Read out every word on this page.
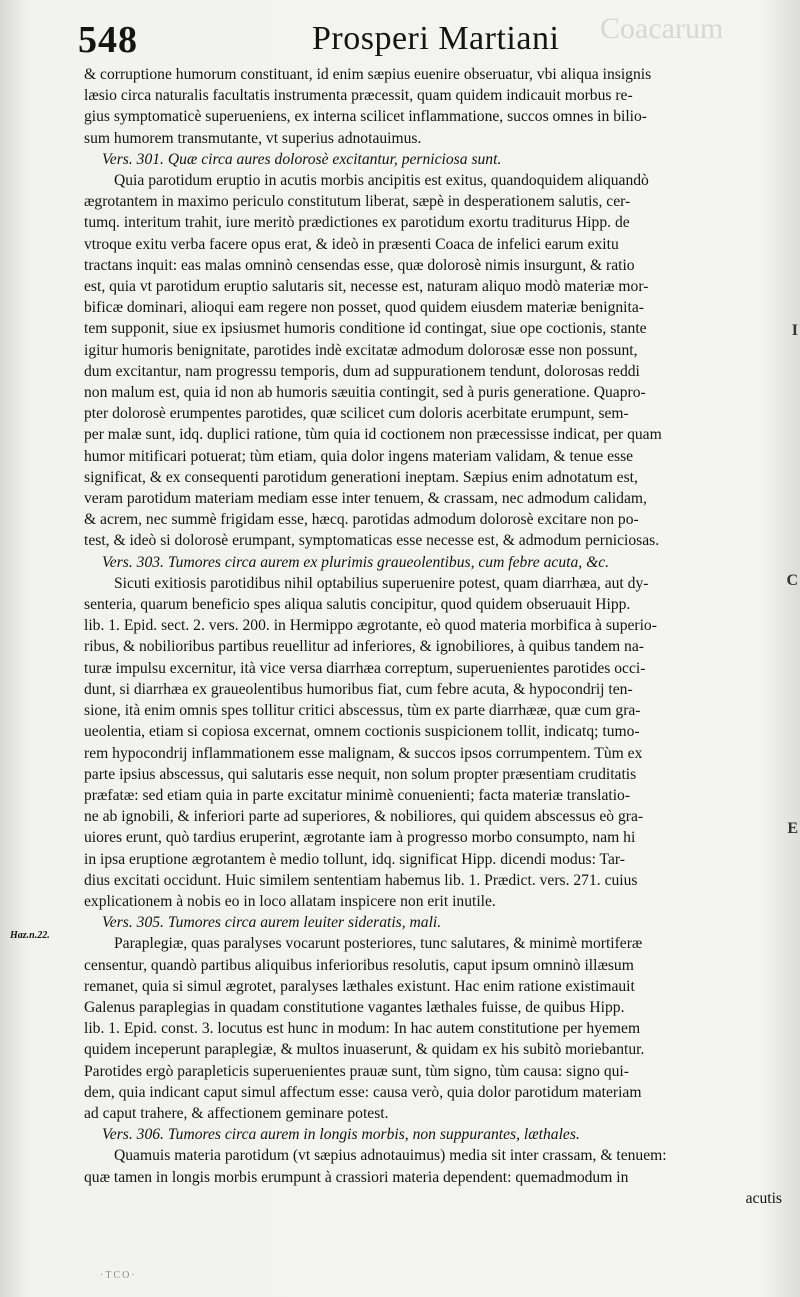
548	Prosperi Martiani Coacarum
& corruptione humorum constituant, id enim sæpius euenire obseruatur, vbi aliqua insignis
læsio circa naturalis facultatis instrumenta præcessit, quam quidem indicauit morbus re-
gius symptomaticè superueniens, ex interna scilicet inflammatione, succos omnes in bilio-
sum humorem transmutante, vt superius adnotauimus.
Vers. 301. Quæ circa aures dolorosè excitantur, perniciosa sunt.
Quia parotidum eruptio in acutis morbis ancipitis est exitus, quandoquidem aliquandò
ægrotantem in maximo periculo constitutum liberat, sæpè in desperationem salutis, cer-
tumq. interitum trahit, iure meritò prædictiones ex parotidum exortu traditurus Hipp. de
vtroque exitu verba facere opus erat, & ideò in præsenti Coaca de infelici earum exitu
tractans inquit: eas malas omninò censendas esse, quæ dolorosè nimis insurgunt, & ratio
est, quia vt parotidum eruptio salutaris sit, necesse est, naturam aliquo modò materiæ mor-
bificæ dominari, alioqui eam regere non posset, quod quidem eiusdem materiæ benignita-
tem supponit, siue ex ipsiusmet humoris conditione id contingat, siue ope coctionis, stante
igitur humoris benignitate, parotides indè excitatæ admodum dolorosæ esse non possunt,
dum excitantur, nam progressu temporis, dum ad suppurationem tendunt, dolorosas reddi
non malum est, quia id non ab humoris sæuitia contingit, sed à puris generatione. Quapro-
pter dolorosè erumpentes parotides, quæ scilicet cum doloris acerbitate erumpunt, sem-
per malæ sunt, idq. duplici ratione, tùm quia id coctionem non præcessisse indicat, per quam
humor mitificari potuerat; tùm etiam, quia dolor ingens materiam validam, & tenue esse
significat, & ex consequenti parotidum generationi ineptam. Sæpius enim adnotatum est,
veram parotidum materiam mediam esse inter tenuem, & crassam, nec admodum calidam,
& acrem, nec summè frigidam esse, hæcq. parotidas admodum dolorosè excitare non po-
test, & ideò si dolorosè erumpant, symptomaticas esse necesse est, & admodum perniciosas.
Vers. 303. Tumores circa aurem ex plurimis graueolentibus, cum febre acuta, &c.
Sicuti exitiosis parotidibus nihil optabilius superuenire potest, quam diarrhæa, aut dy-
senteria, quarum beneficio spes aliqua salutis concipitur, quod quidem obseruauit Hipp.
lib. 1. Epid. sect. 2. vers. 200. in Hermippo ægrotante, eò quod materia morbifica à superio-
ribus, & nobilioribus partibus reuellitur ad inferiores, & ignobiliores, à quibus tandem na-
turæ impulsu excernitur, ità vice versa diarrhæa correptum, superuenientes parotides occi-
dunt, si diarrhæa ex graueolentibus humoribus fiat, cum febre acuta, & hypocondrij ten-
sione, ità enim omnis spes tollitur critici abscessus, tùm ex parte diarrhææ, quæ cum gra-
ueolentia, etiam si copiosa excernat, omnem coctionis suspicionem tollit, indicatq; tumo-
rem hypocondrij inflammationem esse malignam, & succos ipsos corrumpentem. Tùm ex
parte ipsius abscessus, qui salutaris esse nequit, non solum propter præsentiam cruditatis
præfatæ: sed etiam quia in parte excitatur minimè conuenienti; facta materiæ translatio-
ne ab ignobili, & inferiori parte ad superiores, & nobiliores, qui quidem abscessus eò gra-
uiores erunt, quò tardius eruperint, ægrotante iam à progresso morbo consumpto, nam hi
in ipsa eruptione ægrotantem è medio tollunt, idq. significat Hipp. dicendi modus: Tar-
dius excitati occidunt. Huic similem sententiam habemus lib. 1. Prædict. vers. 271. cuius
explicationem à nobis eo in loco allatam inspicere non erit inutile.
Vers. 305. Tumores circa aurem leuiter sideratis, mali.
Paraplegiæ, quas paralyses vocarunt posteriores, tunc salutares, & minimè mortiferæ
censentur, quandò partibus aliquibus inferioribus resolutis, caput ipsum omninò illæsum
remanet, quia si simul ægrotet, paralyses læthales existunt. Hac enim ratione existimauit
Galenus paraplegias in quadam constitutione vagantes læthales fuisse, de quibus Hipp.
lib. 1. Epid. const. 3. locutus est hunc in modum: In hac autem constitutione per hyemem
quidem inceperunt paraplegiæ, & multos inuaserunt, & quidam ex his subitò moriebantur.
Parotides ergò parapleticis superuenientes prauæ sunt, tùm signo, tùm causa: signo qui-
dem, quia indicant caput simul affectum esse: causa verò, quia dolor parotidum materiam
ad caput trahere, & affectionem geminare potest.
Vers. 306. Tumores circa aurem in longis morbis, non suppurantes, læthales.
Quamuis materia parotidum (vt sæpius adnotauimus) media sit inter crassam, & tenuem:
quæ tamen in longis morbis erumpunt à crassiori materia dependent: quemadmodum in
acutis
Haz.n.22.
·TCO·
I
C
E
